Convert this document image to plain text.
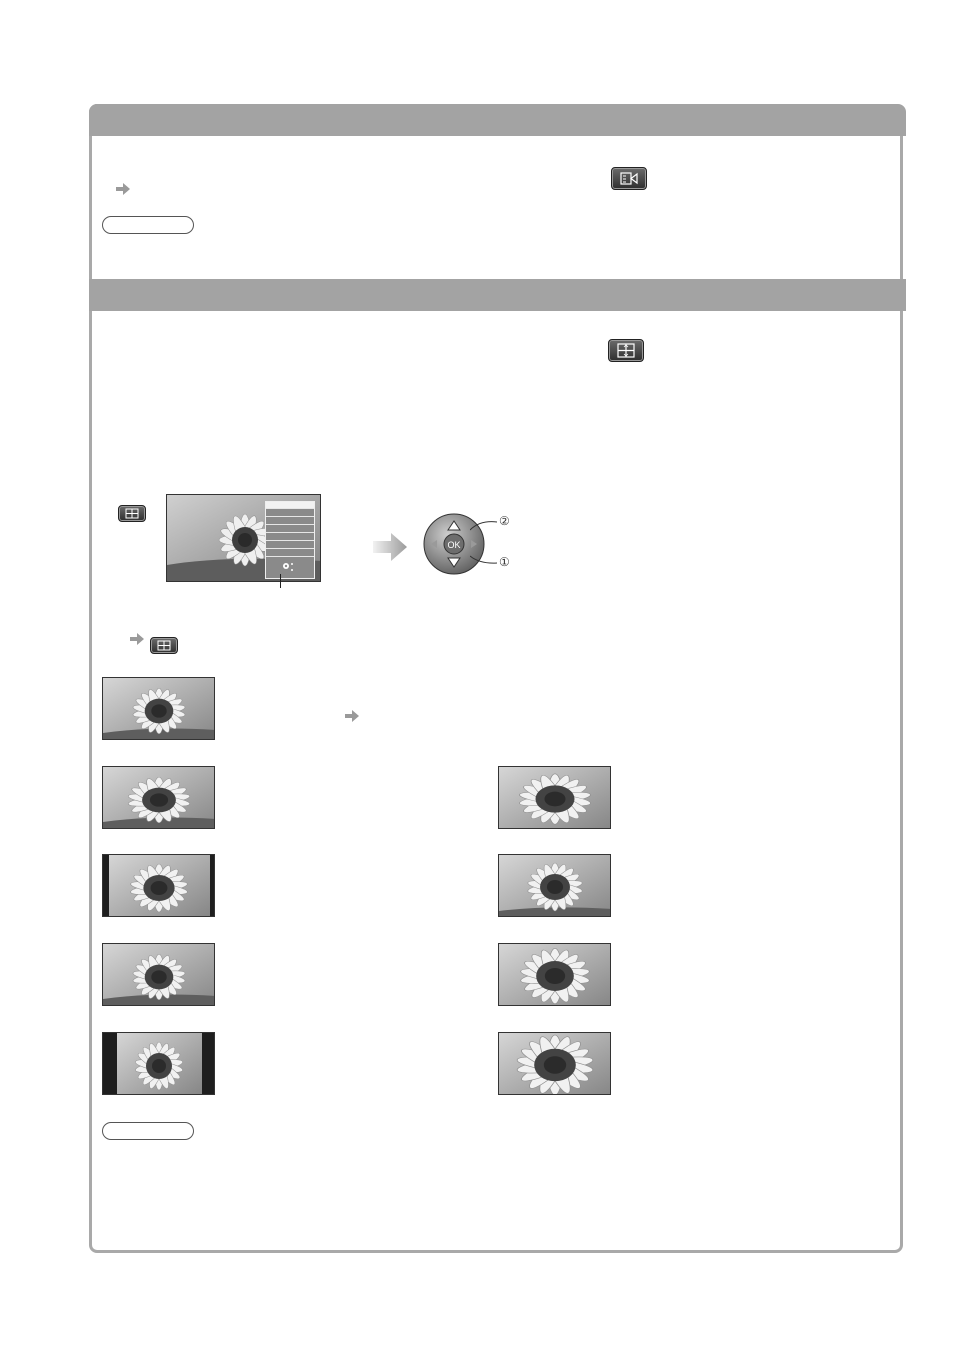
OK
②
①
